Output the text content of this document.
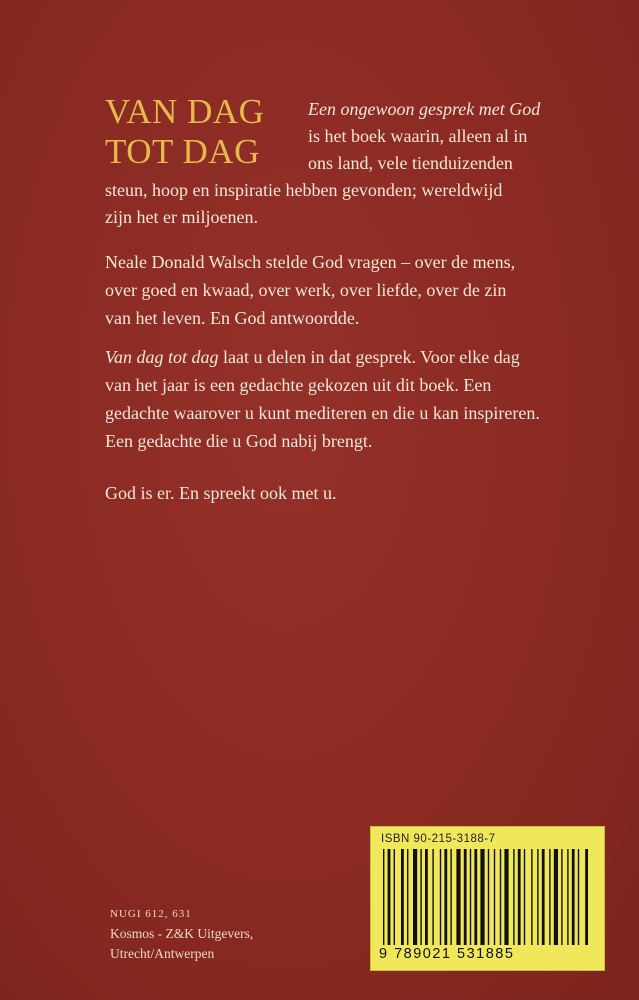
VAN DAG
TOT DAG
Een ongewoon gesprek met God
is het boek waarin, alleen al in
ons land, vele tienduizenden
steun, hoop en inspiratie hebben gevonden; wereldwijd
zijn het er miljoenen.
Neale Donald Walsch stelde God vragen – over de mens,
over goed en kwaad, over werk, over liefde, over de zin
van het leven. En God antwoordde.
Van dag tot dag laat u delen in dat gesprek. Voor elke dag
van het jaar is een gedachte gekozen uit dit boek. Een
gedachte waarover u kunt mediteren en die u kan inspireren.
Een gedachte die u God nabij brengt.
God is er. En spreekt ook met u.
ISBN 90-215-3188-7
9 789021 531885
NUGI 612, 631
Kosmos - Z&K Uitgevers,
Utrecht/Antwerpen
